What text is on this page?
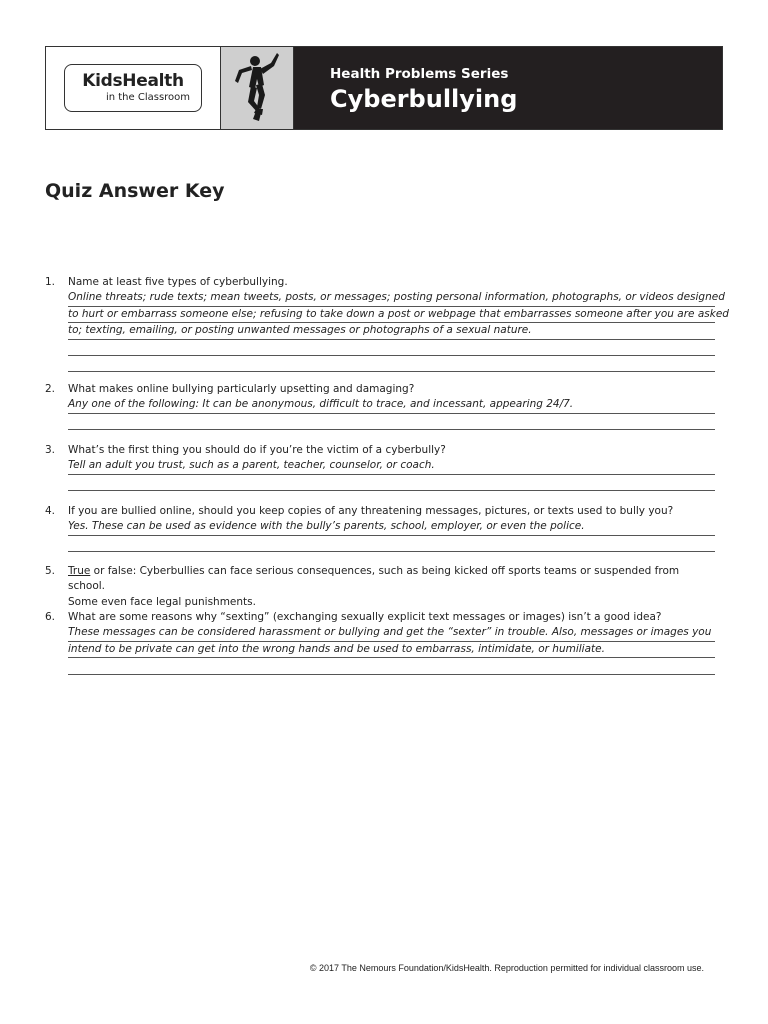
KidsHealth
in the Classroom
Health Problems Series
Cyberbullying
Quiz Answer Key
1. Name at least five types of cyberbullying.
Online threats; rude texts; mean tweets, posts, or messages; posting personal information, photographs, or videos designed
to hurt or embarrass someone else; refusing to take down a post or webpage that embarrasses someone after you are asked
to; texting, emailing, or posting unwanted messages or photographs of a sexual nature.
2. What makes online bullying particularly upsetting and damaging?
Any one of the following: It can be anonymous, difficult to trace, and incessant, appearing 24/7.
3. What’s the first thing you should do if you’re the victim of a cyberbully?
Tell an adult you trust, such as a parent, teacher, counselor, or coach.
4. If you are bullied online, should you keep copies of any threatening messages, pictures, or texts used to bully you?
Yes. These can be used as evidence with the bully’s parents, school, employer, or even the police.
5. True or false: Cyberbullies can face serious consequences, such as being kicked off sports teams or suspended from school.
Some even face legal punishments.
6. What are some reasons why “sexting” (exchanging sexually explicit text messages or images) isn’t a good idea?
These messages can be considered harassment or bullying and get the “sexter” in trouble. Also, messages or images you
intend to be private can get into the wrong hands and be used to embarrass, intimidate, or humiliate.
© 2017 The Nemours Foundation/KidsHealth. Reproduction permitted for individual classroom use.
